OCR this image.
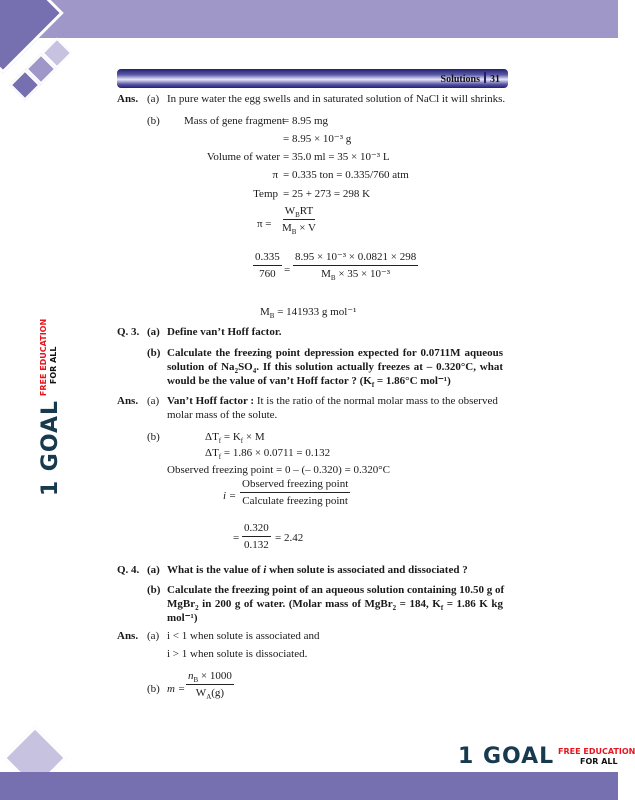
Solutions 31
1 GOAL FREE EDUCATION
FOR ALL
1 GOAL FREE EDUCATION
FOR ALL
Ans. (a) In pure water the egg swells and in saturated solution of NaCl it will shrinks.
(b) Mass of gene fragment
= 8.95 mg
= 8.95 × 10⁻³ g
Volume of water = 35.0 ml = 35 × 10⁻³ L
π = 0.335 ton = 0.335/760 atm
Temp = 25 + 273 = 298 K
π =
$W_BRT$
$M_B \times V$
$\frac{0.335}{760} = \frac{\text{8.95 × 10⁻³ × 0.0821 × 298}}{M_B \times 35 \times 10^{-3}}$
$M_B = 141933$ g mol⁻¹
Q. 3. (a) Define van’t Hoff factor.
(b) Calculate the freezing point depression expected for 0.0711M aqueous
solution of $Na_2SO_4$. If this solution actually freezes at – 0.320°C, what
would be the value of van’t Hoff factor ? ($K_f = 1.86^\circ C$ mol⁻¹)
Ans. (a) Van’t Hoff factor : It is the ratio of the normal molar mass to the observed
molar mass of the solute.
(b)	$\Delta T_f = K_f \times M$
$\Delta T_f = 1.86 \times 0.0711 = 0.132$
Observed freezing point = 0 – (– 0.320) = 0.320°C
i =
Observed freezing point
Calculate freezing point
= $\frac{0.320}{0.132} = 2.42$
Q. 4. (a) What is the value of i when solute is associated and dissociated ?
(b) Calculate the freezing point of an aqueous solution containing 10.50 g of
MgBr$_2$ in 200 g of water. (Molar mass of MgBr$_2$ = 184, $K_f = 1.86$ K kg
mol⁻¹)
Ans. (a) i < 1 when solute is associated and
i > 1 when solute is dissociated.
(b) $m = \frac{n_B \times 1000}{W_A(g)}$
